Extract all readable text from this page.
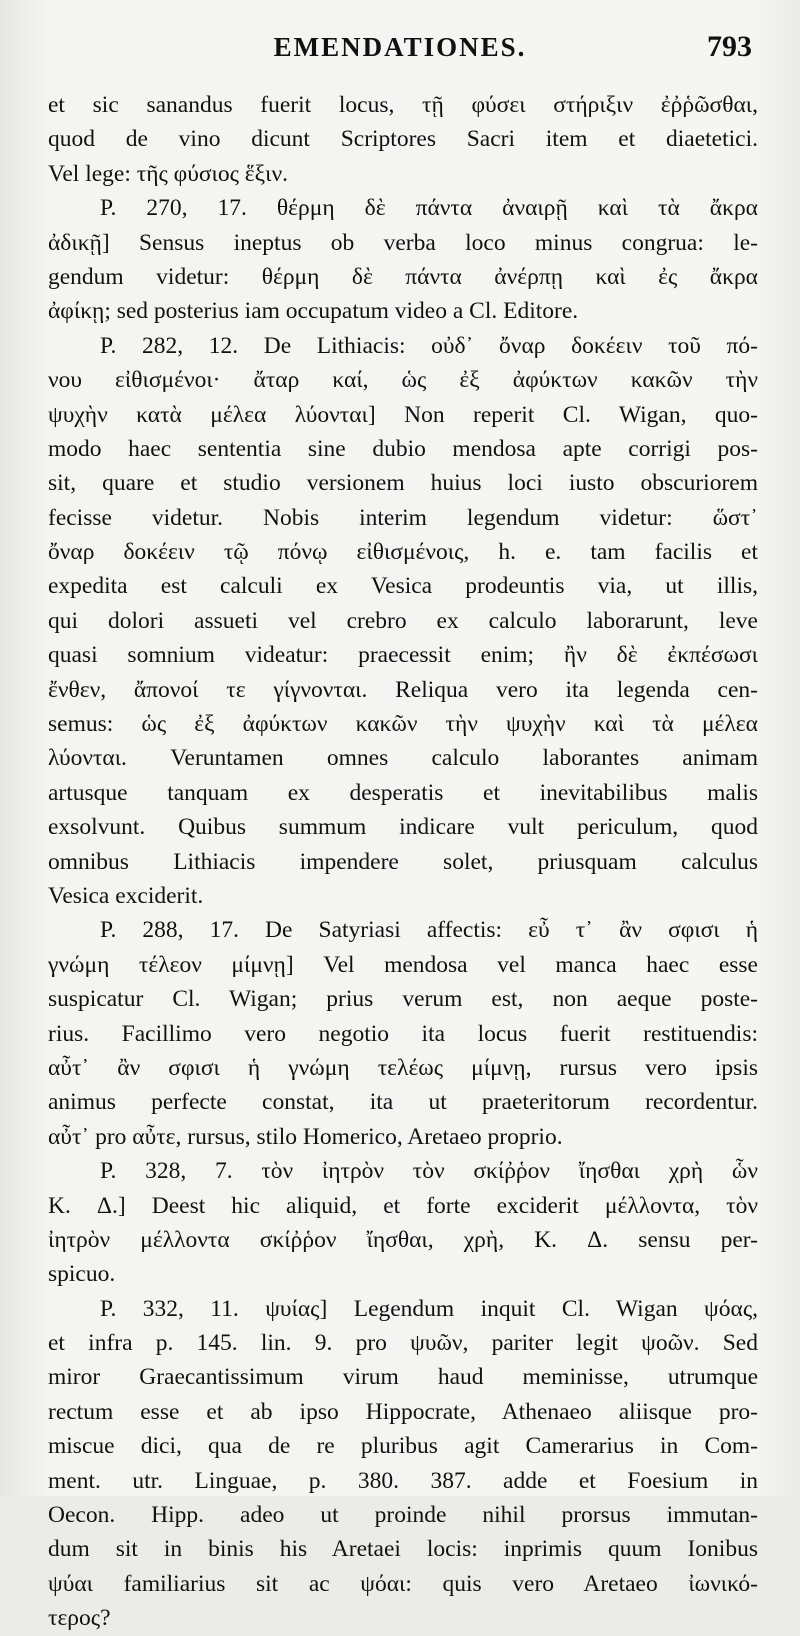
EMENDATIONES.	793
et sic sanandus fuerit locus, τῇ φύσει στήριξιν ἐῤῥῶσθαι,
quod de vino dicunt Scriptores Sacri item et diaetetici.
Vel lege: τῆς φύσιος ἕξιν.
P. 270, 17. θέρμη δὲ πάντα ἀναιρῇ καὶ τὰ ἄκρα
ἀδικῇ] Sensus ineptus ob verba loco minus congrua: le-
gendum videtur: θέρμη δὲ πάντα ἀνέρπῃ καὶ ἐς ἄκρα
ἀφίκῃ; sed posterius iam occupatum video a Cl. Editore.
P. 282, 12. De Lithiacis: οὐδ᾽ ὄναρ δοκέειν τοῦ πό-
νου εἰθισμένοι· ἄταρ καί, ὡς ἐξ ἀφύκτων κακῶν τὴν
ψυχὴν κατὰ μέλεα λύονται] Non reperit Cl. Wigan, quo-
modo haec sententia sine dubio mendosa apte corrigi pos-
sit, quare et studio versionem huius loci iusto obscuriorem
fecisse videtur. Nobis interim legendum videtur: ὥστ᾽
ὄναρ δοκέειν τῷ πόνῳ εἰθισμένοις, h. e. tam facilis et
expedita est calculi ex Vesica prodeuntis via, ut illis,
qui dolori assueti vel crebro ex calculo laborarunt, leve
quasi somnium videatur: praecessit enim; ἢν δὲ ἐκπέσωσι
ἔνθεν, ἄπονοί τε γίγνονται. Reliqua vero ita legenda cen-
semus: ὡς ἐξ ἀφύκτων κακῶν τὴν ψυχὴν καὶ τὰ μέλεα
λύονται. Veruntamen omnes calculo laborantes animam
artusque tanquam ex desperatis et inevitabilibus malis
exsolvunt. Quibus summum indicare vult periculum, quod
omnibus Lithiacis impendere solet, priusquam calculus
Vesica exciderit.
P. 288, 17. De Satyriasi affectis: εὖ τ᾽ ἂν σφισι ἡ
γνώμη τέλεον μίμνῃ] Vel mendosa vel manca haec esse
suspicatur Cl. Wigan; prius verum est, non aeque poste-
rius. Facillimo vero negotio ita locus fuerit restituendis:
αὖτ᾽ ἂν σφισι ἡ γνώμη τελέως μίμνῃ, rursus vero ipsis
animus perfecte constat, ita ut praeteritorum recordentur.
αὖτ᾽ pro αὖτε, rursus, stilo Homerico, Aretaeo proprio.
P. 328, 7. τὸν ἰητρὸν τὸν σκίῤῥον ἴησθαι χρὴ ὧν
K. Δ.] Deest hic aliquid, et forte exciderit μέλλοντα, τὸν
ἰητρὸν μέλλοντα σκίῤῥον ἴησθαι, χρὴ, K. Δ. sensu per-
spicuo.
P. 332, 11. ψυίας] Legendum inquit Cl. Wigan ψόας,
et infra p. 145. lin. 9. pro ψυῶν, pariter legit ψοῶν. Sed
miror Graecantissimum virum haud meminisse, utrumque
rectum esse et ab ipso Hippocrate, Athenaeo aliisque pro-
miscue dici, qua de re pluribus agit Camerarius in Com-
ment. utr. Linguae, p. 380. 387. adde et Foesium in
Oecon. Hipp. adeo ut proinde nihil prorsus immutan-
dum sit in binis his Aretaei locis: inprimis quum Ionibus
ψύαι familiarius sit ac ψόαι: quis vero Aretaeo ἰωνικό-
τερος?
